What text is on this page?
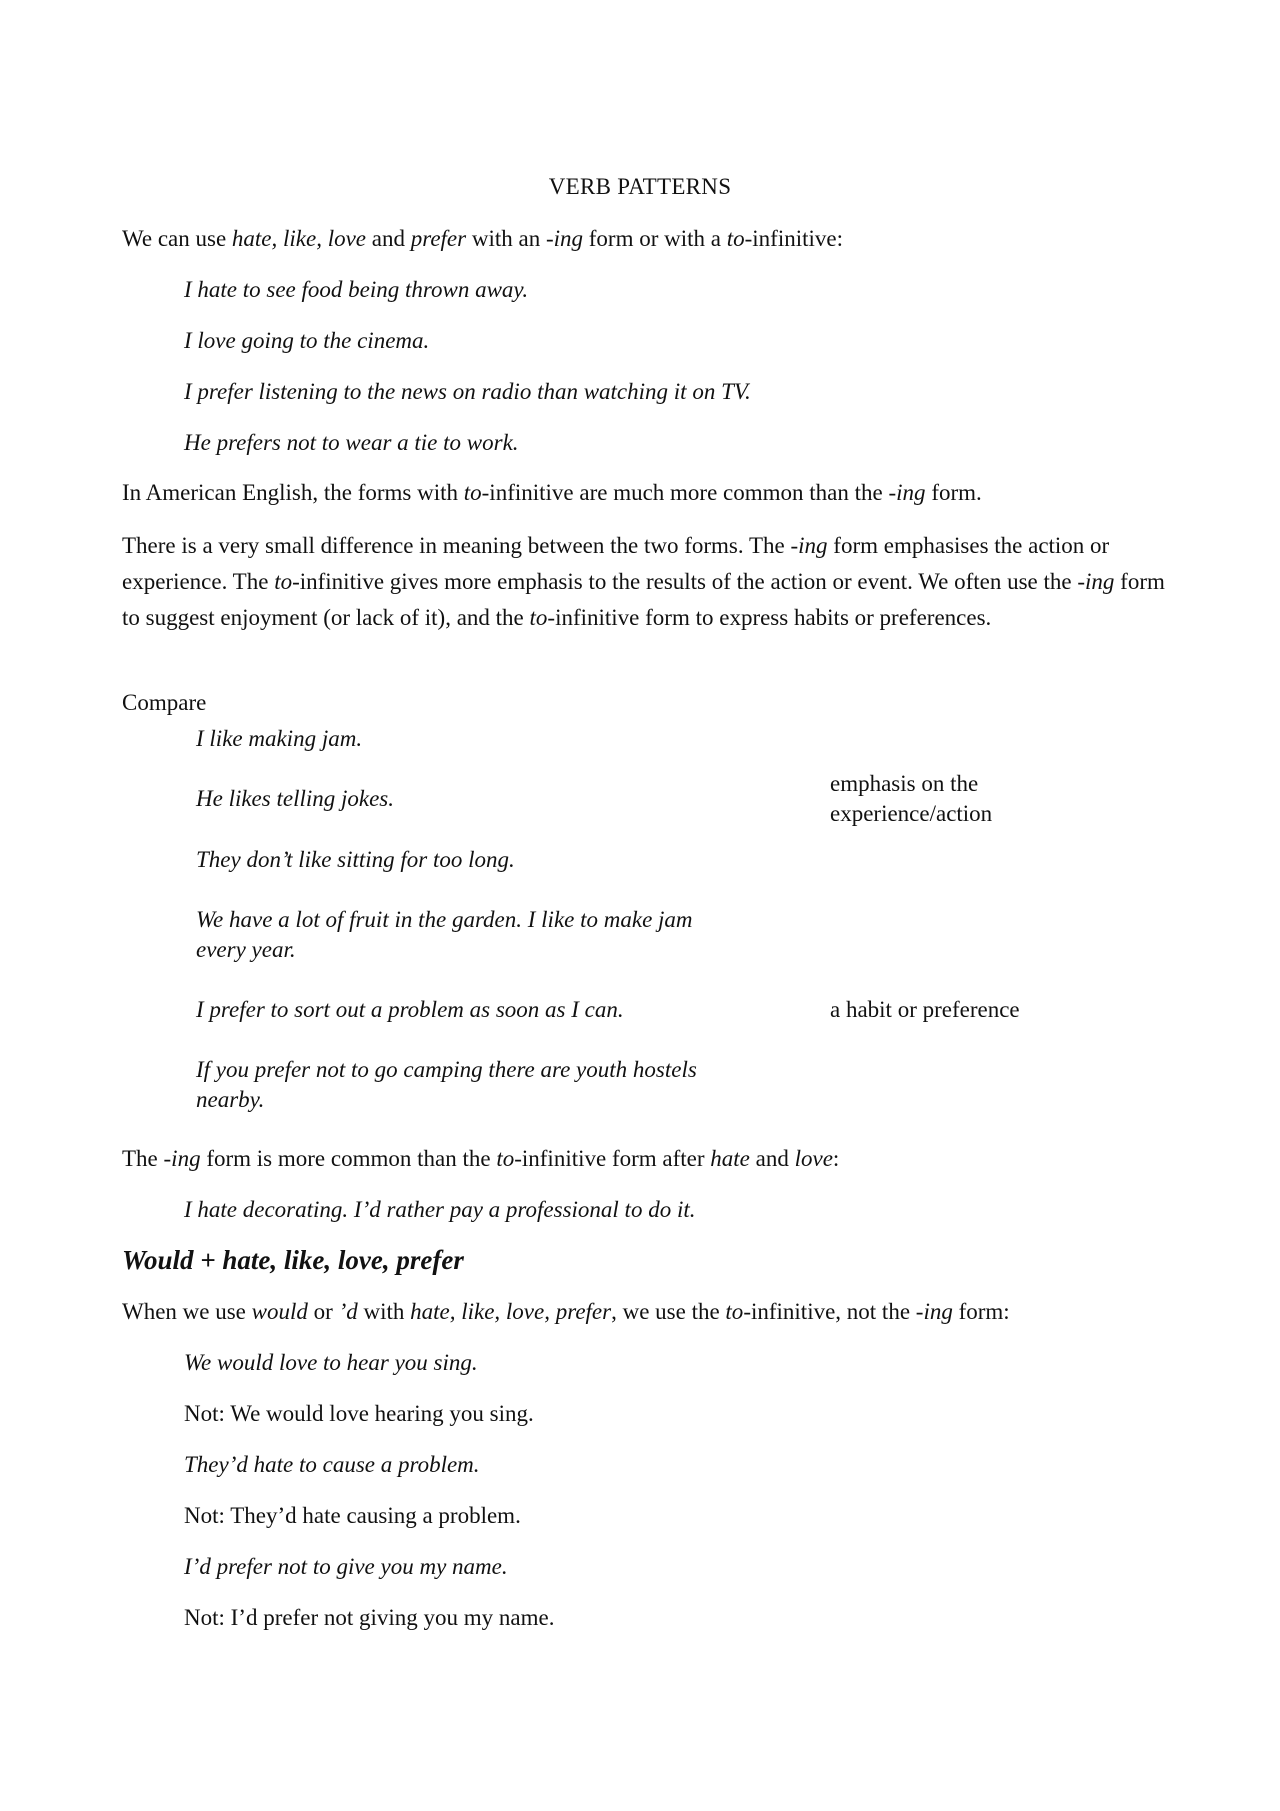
VERB PATTERNS

We can use hate, like, love and prefer with an -ing form or with a to-infinitive:

I hate to see food being thrown away.

I love going to the cinema.

I prefer listening to the news on radio than watching it on TV.

He prefers not to wear a tie to work.

In American English, the forms with to-infinitive are much more common than the -ing form.

There is a very small difference in meaning between the two forms. The -ing form emphasises the action or experience. The to-infinitive gives more emphasis to the results of the action or event. We often use the -ing form to suggest enjoyment (or lack of it), and the to-infinitive form to express habits or preferences.

Compare

I like making jam.

He likes telling jokes.

They don’t like sitting for too long.

We have a lot of fruit in the garden. I like to make jam every year.

I prefer to sort out a problem as soon as I can.

If you prefer not to go camping there are youth hostels nearby.

emphasis on the experience/action

a habit or preference

The -ing form is more common than the to-infinitive form after hate and love:

I hate decorating. I’d rather pay a professional to do it.

Would + hate, like, love, prefer

When we use would or ’d with hate, like, love, prefer, we use the to-infinitive, not the -ing form:

We would love to hear you sing.

Not: We would love hearing you sing.

They’d hate to cause a problem.

Not: They’d hate causing a problem.

I’d prefer not to give you my name.

Not: I’d prefer not giving you my name.
